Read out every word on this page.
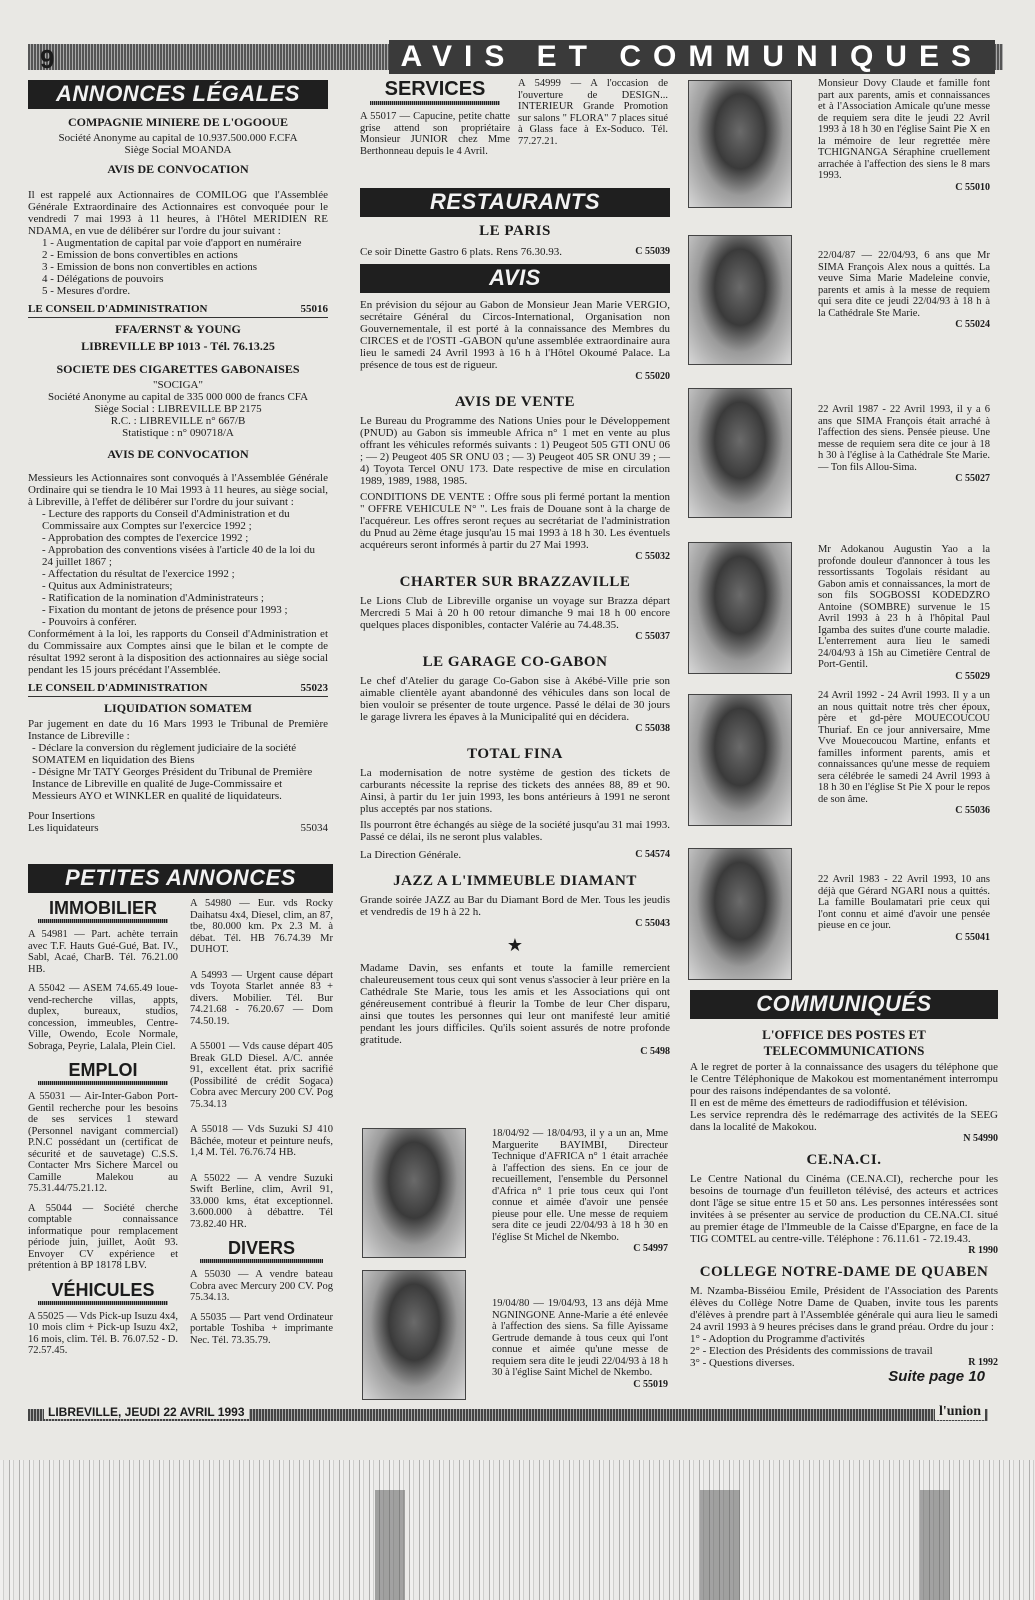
9	AVIS ET COMMUNIQUES
ANNONCES LÉGALES
COMPAGNIE MINIERE DE L'OGOOUE

Société Anonyme au capital de 10.937.500.000 F.CFA

Siège Social MOANDA

AVIS DE CONVOCATION

Il est rappelé aux Actionnaires de COMILOG que l'Assemblée Générale Extraordinaire des Actionnaires est convoquée pour le vendredi 7 mai 1993 à 11 heures, à l'Hôtel MERIDIEN RE NDAMA, en vue de délibérer sur l'ordre du jour suivant :

1 - Augmentation de capital par voie d'apport en numéraire
2 - Emission de bons convertibles en actions
3 - Emission de bons non convertibles en actions
4 - Délégations de pouvoirs
5 - Mesures d'ordre.
LE CONSEIL D'ADMINISTRATION	55016
FFA/ERNST & YOUNG
LIBREVILLE BP 1013 - Tél. 76.13.25
SOCIETE DES CIGARETTES GABONAISES

"SOCIGA"

Société Anonyme au capital de 335 000 000 de francs CFA

Siège Social : LIBREVILLE BP 2175

R.C. : LIBREVILLE n° 667/B

Statistique : n° 090718/A

AVIS DE CONVOCATION

Messieurs les Actionnaires sont convoqués à l'Assemblée Générale Ordinaire qui se tiendra le 10 Mai 1993 à 11 heures, au siège social, à Libreville, à l'effet de délibérer sur l'ordre du jour suivant :

- Lecture des rapports du Conseil d'Administration et du Commissaire aux Comptes sur l'exercice 1992 ;
- Approbation des comptes de l'exercice 1992 ;
- Approbation des conventions visées à l'article 40 de la loi du 24 juillet 1867 ;
- Affectation du résultat de l'exercice 1992 ;
- Quitus aux Administrateurs;
- Ratification de la nomination d'Administrateurs ;
- Fixation du montant de jetons de présence pour 1993 ;
- Pouvoirs à conférer.

Conformément à la loi, les rapports du Conseil d'Administration et du Commissaire aux Comptes ainsi que le bilan et le compte de résultat 1992 seront à la disposition des actionnaires au siège social pendant les 15 jours précédant l'Assemblée.

LE CONSEIL D'ADMINISTRATION	55023
LIQUIDATION SOMATEM

Par jugement en date du 16 Mars 1993 le Tribunal de Première Instance de Libreville :

- Déclare la conversion du règlement judiciaire de la société SOMATEM en liquidation des Biens
- Désigne Mr TATY Georges Président du Tribunal de Première Instance de Libreville en qualité de Juge-Commissaire et Messieurs AYO et WINKLER en qualité de liquidateurs.

Pour Insertions

Les liquidateurs	55034
PETITES ANNONCES
IMMOBILIER

A 54981 — Part. achète terrain avec T.F. Hauts Gué-Gué, Bat. IV., Sabl, Acaé, CharB. Tél. 76.21.00 HB.

A 55042 — ASEM 74.65.49 loue-vend-recherche villas, appts, duplex, bureaux, studios, concession, immeubles, Centre-Ville, Owendo, Ecole Normale, Sobraga, Peyrie, Lalala, Plein Ciel.

EMPLOI

A 55031 — Air-Inter-Gabon Port-Gentil recherche pour les besoins de ses services 1 steward (Personnel navigant commercial) P.N.C possédant un (certificat de sécurité et de sauvetage) C.S.S. Contacter Mrs Sichere Marcel ou Camille Malekou au 75.31.44/75.21.12.

A 55044 — Société cherche comptable connaissance informatique pour remplacement période juin, juillet, Août 93. Envoyer CV expérience et prétention à BP 18178 LBV.

VÉHICULES

A 55025 — Vds Pick-up Isuzu 4x4, 10 mois clim + Pick-up Isuzu 4x2, 16 mois, clim. Tél. B. 76.07.52 - D. 72.57.45.

A 54980 — Eur. vds Rocky Daihatsu 4x4, Diesel, clim, an 87, tbe, 80.000 km. Px 2.3 M. à débat. Tél. HB 76.74.39 Mr DUHOT.

A 54993 — Urgent cause départ vds Toyota Starlet année 83 + divers. Mobilier. Tél. Bur 74.21.68 - 76.20.67 — Dom 74.50.19.

A 55001 — Vds cause départ 405 Break GLD Diesel. A/C. année 91, excellent état. prix sacrifié (Possibilité de crédit Sogaca) Cobra avec Mercury 200 CV. Pog 75.34.13

A 55018 — Vds Suzuki SJ 410 Bâchée, moteur et peinture neufs, 1,4 M. Tél. 76.76.74 HB.

A 55022 — A vendre Suzuki Swift Berline, clim, Avril 91, 33.000 kms, état exceptionnel. 3.600.000 à débattre. Tél 73.82.40 HR.

DIVERS

A 55030 — A vendre bateau Cobra avec Mercury 200 CV. Pog 75.34.13.

A 55035 — Part vend Ordinateur portable Toshiba + imprimante Nec. Tél. 73.35.79.

SERVICES

A 55017 — Capucine, petite chatte grise attend son propriétaire Monsieur JUNIOR chez Mme Berthonneau depuis le 4 Avril.

A 54999 — A l'occasion de l'ouverture de DESIGN... INTERIEUR Grande Promotion sur salons " FLORA" 7 places situé à Glass face à Ex-Soduco. Tél. 77.27.21.

RESTAURANTS
LE PARIS
Ce soir Dinette Gastro 6 plats. Rens 76.30.93.	C 55039
AVIS

En prévision du séjour au Gabon de Monsieur Jean Marie VERGIO, secrétaire Général du Circos-International, Organisation non Gouvernementale, il est porté à la connaissance des Membres du CIRCES et de l'OSTI -GABON qu'une assemblée extraordinaire aura lieu le samedi 24 Avril 1993 à 16 h à l'Hôtel Okoumé Palace. La présence de tous est de rigueur.

C 55020
AVIS DE VENTE

Le Bureau du Programme des Nations Unies pour le Développement (PNUD) au Gabon sis immeuble Africa n° 1 met en vente au plus offrant les véhicules reformés suivants : 1) Peugeot 505 GTI ONU 06 ; — 2) Peugeot 405 SR ONU 03 ; — 3) Peugeot 405 SR ONU 39 ; — 4) Toyota Tercel ONU 173. Date respective de mise en circulation 1989, 1989, 1988, 1985.

CONDITIONS DE VENTE : Offre sous pli fermé portant la mention " OFFRE VEHICULE N° ". Les frais de Douane sont à la charge de l'acquéreur. Les offres seront reçues au secrétariat de l'administration du Pnud au 2ème étage jusqu'au 15 mai 1993 à 18 h 30. Les éventuels acquéreurs seront informés à partir du 27 Mai 1993.

C 55032
CHARTER SUR BRAZZAVILLE

Le Lions Club de Libreville organise un voyage sur Brazza départ Mercredi 5 Mai à 20 h 00 retour dimanche 9 mai 18 h 00 encore quelques places disponibles, contacter Valérie au 74.48.35.

C 55037
LE GARAGE CO-GABON

Le chef d'Atelier du garage Co-Gabon sise à Akébé-Ville prie son aimable clientèle ayant abandonné des véhicules dans son local de bien vouloir se présenter de toute urgence. Passé le délai de 30 jours le garage livrera les épaves à la Municipalité qui en décidera.

C 55038
TOTAL FINA

La modernisation de notre système de gestion des tickets de carburants nécessite la reprise des tickets des années 88, 89 et 90. Ainsi, à partir du 1er juin 1993, les bons antérieurs à 1991 ne seront plus acceptés par nos stations.

Ils pourront être échangés au siège de la société jusqu'au 31 mai 1993. Passé ce délai, ils ne seront plus valables.

La Direction Générale.	C 54574
JAZZ A L'IMMEUBLE DIAMANT

Grande soirée JAZZ au Bar du Diamant Bord de Mer. Tous les jeudis et vendredis de 19 h à 22 h.

C 55043
★

Madame Davin, ses enfants et toute la famille remercient chaleureusement tous ceux qui sont venus s'associer à leur prière en la Cathédrale Ste Marie, tous les amis et les Associations qui ont généreusement contribué à fleurir la Tombe de leur Cher disparu, ainsi que toutes les personnes qui leur ont manifesté leur amitié pendant les jours difficiles. Qu'ils soient assurés de notre profonde gratitude.

C 5498
18/04/92 — 18/04/93, il y a un an, Mme Marguerite BAYIMBI, Directeur Technique d'AFRICA n° 1 était arrachée à l'affection des siens. En ce jour de recueillement, l'ensemble du Personnel d'Africa n° 1 prie tous ceux qui l'ont connue et aimée d'avoir une pensée pieuse pour elle. Une messe de requiem sera dite ce jeudi 22/04/93 à 18 h 30 en l'église St Michel de Nkembo.
C 54997
19/04/80 — 19/04/93, 13 ans déjà Mme NGNINGONE Anne-Marie a été enlevée à l'affection des siens. Sa fille Ayissame Gertrude demande à tous ceux qui l'ont connue et aimée qu'une messe de requiem sera dite le jeudi 22/04/93 à 18 h 30 à l'église Saint Michel de Nkembo.
C 55019
Monsieur Dovy Claude et famille font part aux parents, amis et connaissances et à l'Association Amicale qu'une messe de requiem sera dite le jeudi 22 Avril 1993 à 18 h 30 en l'église Saint Pie X en la mémoire de leur regrettée mère TCHIGNANGA Séraphine cruellement arrachée à l'affection des siens le 8 mars 1993.
C 55010
22/04/87 — 22/04/93, 6 ans que Mr SIMA François Alex nous a quittés. La veuve Sima Marie Madeleine convie, parents et amis à la messe de requiem qui sera dite ce jeudi 22/04/93 à 18 h à la Cathédrale Ste Marie.
C 55024
22 Avril 1987 - 22 Avril 1993, il y a 6 ans que SIMA François était arraché à l'affection des siens. Pensée pieuse. Une messe de requiem sera dite ce jour à 18 h 30 à l'église à la Cathédrale Ste Marie. — Ton fils Allou-Sima.
C 55027
Mr Adokanou Augustin Yao a la profonde douleur d'annoncer à tous les ressortissants Togolais résidant au Gabon amis et connaissances, la mort de son fils SOGBOSSI KODEDZRO Antoine (SOMBRE) survenue le 15 Avril 1993 à 23 h à l'hôpital Paul Igamba des suites d'une courte maladie. L'enterrement aura lieu le samedi 24/04/93 à 15h au Cimetière Central de Port-Gentil.
C 55029
24 Avril 1992 - 24 Avril 1993. Il y a un an nous quittait notre très cher époux, père et gd-père MOUECOUCOU Thuriaf. En ce jour anniversaire, Mme Vve Mouecoucou Martine, enfants et familles informent parents, amis et connaissances qu'une messe de requiem sera célébrée le samedi 24 Avril 1993 à 18 h 30 en l'église St Pie X pour le repos de son âme.
C 55036
22 Avril 1983 - 22 Avril 1993, 10 ans déjà que Gérard NGARI nous a quittés. La famille Boulamatari prie ceux qui l'ont connu et aimé d'avoir une pensée pieuse en ce jour.
C 55041
COMMUNIQUÉS
L'OFFICE DES POSTES ET TELECOMMUNICATIONS

A le regret de porter à la connaissance des usagers du téléphone que le Centre Téléphonique de Makokou est momentanément interrompu pour des raisons indépendantes de sa volonté.

Il en est de même des émetteurs de radiodiffusion et télévision.

Les service reprendra dès le redémarrage des activités de la SEEG dans la localité de Makokou.

N 54990
CE.NA.CI.

Le Centre National du Cinéma (CE.NA.CI), recherche pour les besoins de tournage d'un feuilleton télévisé, des acteurs et actrices dont l'âge se situe entre 15 et 50 ans. Les personnes intéressées sont invitées à se présenter au service de production du CE.NA.CI. situé au premier étage de l'Immeuble de la Caisse d'Epargne, en face de la TIG COMTEL au centre-ville. Téléphone : 76.11.61 - 72.19.43.

R 1990
COLLEGE NOTRE-DAME DE QUABEN

M. Nzamba-Bisséiou Emile, Président de l'Association des Parents élèves du Collège Notre Dame de Quaben, invite tous les parents d'élèves à prendre part à l'Assemblée générale qui aura lieu le samedi 24 avril 1993 à 9 heures précises dans le grand préau. Ordre du jour :

1° - Adoption du Programme d'activités
2° - Election des Présidents des commissions de travail
3° - Questions diverses.	R 1992
Suite page 10
LIBREVILLE, JEUDI 22 AVRIL 1993	l'union
